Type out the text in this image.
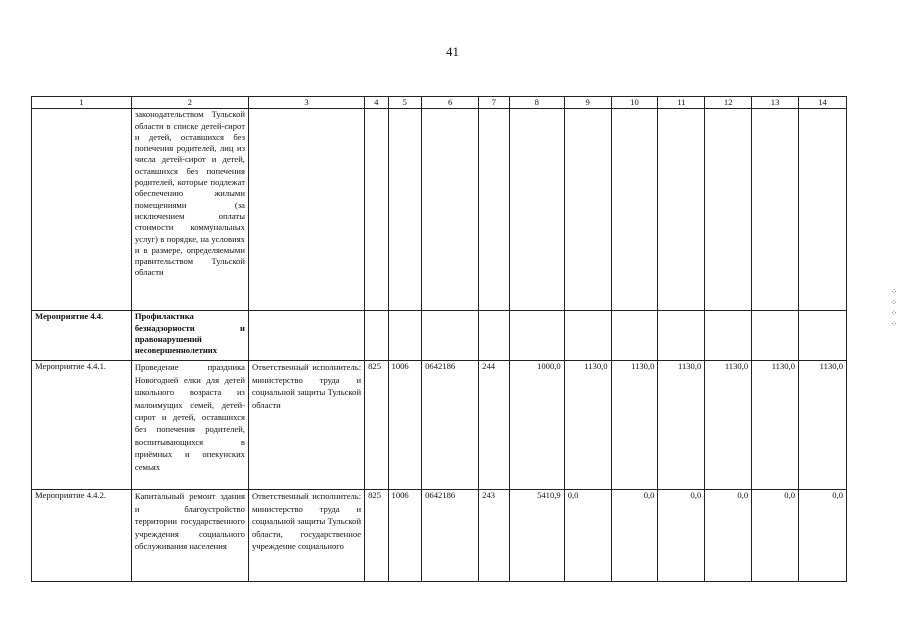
41
1	2	3	4	5	6	7	8	9	10	11	12	13	14
	законодательством Тульской области в списке детей-сирот и детей, оставшихся без попечения родителей, лиц из числа детей-сирот и детей, оставшихся без попечения родителей, которые подлежат обеспечению жилыми помещениями (за исключением оплаты стоимости коммунальных услуг) в порядке, на условиях и в размере, определяемыми правительством Тульской области												
Мероприятие 4.4.	Профилактика безнадзорности и правонарушений несовершеннолетних												
Мероприятие 4.4.1.	Проведение праздника Новогодней елки для детей школьного возраста из малоимущих семей, детей-сирот и детей, оставшихся без попечения родителей, воспитывающихся в приёмных и опекунских семьях	Ответственный исполнитель: министерство труда и социальной защиты Тульской области	825	1006	0642186	244	1000,0	1130,0	1130,0	1130,0	1130,0	1130,0	1130,0
Мероприятие 4.4.2.	Капитальный ремонт здания и благоустройство территории государственного учреждения социального обслуживания населения	Ответственный исполнитель: министерство труда и социальной защиты Тульской области, государственное учреждение социального	825	1006	0642186	243	5410,9	0,0	0,0	0,0	0,0	0,0	0,0
⁘ ⁘ ⁘ ⁘
